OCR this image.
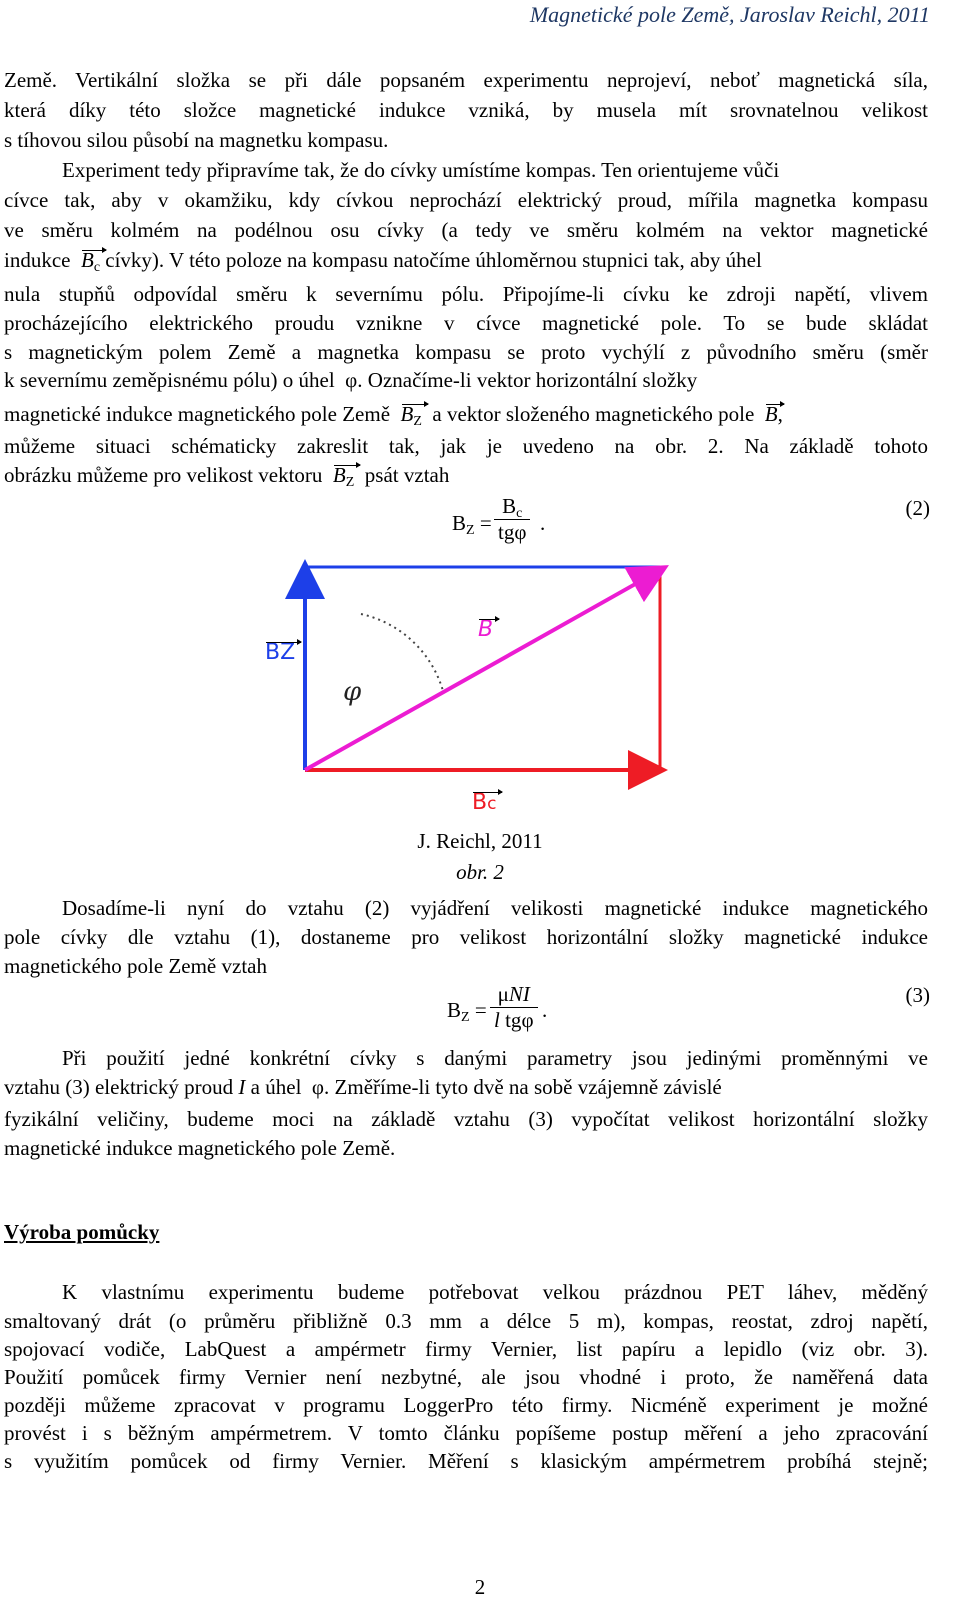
Magnetické pole Země, Jaroslav Reichl, 2011
Země. Vertikální složka se při dále popsaném experimentu neprojeví, neboť magnetická síla,
která díky této složce magnetické indukce vzniká, by musela mít srovnatelnou velikost
s tíhovou silou působí na magnetku kompasu.
Experiment tedy připravíme tak, že do cívky umístíme kompas. Ten orientujeme vůči
cívce tak, aby v okamžiku, kdy cívkou neprochází elektrický proud, mířila magnetka kompasu
ve směru kolmém na podélnou osu cívky (a tedy ve směru kolmém na vektor magnetické
indukce Bc cívky). V této poloze na kompasu natočíme úhloměrnou stupnici tak, aby úhel
nula stupňů odpovídal směru k severnímu pólu. Připojíme-li cívku ke zdroji napětí, vlivem
procházejícího elektrického proudu vznikne v cívce magnetické pole. To se bude skládat
s magnetickým polem Země a magnetka kompasu se proto vychýlí z původního směru (směr
k severnímu zeměpisnému pólu) o úhel φ. Označíme-li vektor horizontální složky
magnetické indukce magnetického pole Země BZ a vektor složeného magnetického pole B,
můžeme situaci schématicky zakreslit tak, jak je uvedeno na obr. 2. Na základě tohoto
obrázku můžeme pro velikost vektoru BZ psát vztah
BZ =
Bc
tgφ .
(2)
BZ
B
Bc
φ
J. Reichl, 2011
obr. 2
Dosadíme-li nyní do vztahu (2) vyjádření velikosti magnetické indukce magnetického
pole cívky dle vztahu (1), dostaneme pro velikost horizontální složky magnetické indukce
magnetického pole Země vztah
BZ =
μNI
l tgφ .
(3)
Při použití jedné konkrétní cívky s danými parametry jsou jedinými proměnnými ve
vztahu (3) elektrický proud I a úhel φ. Změříme-li tyto dvě na sobě vzájemně závislé
fyzikální veličiny, budeme moci na základě vztahu (3) vypočítat velikost horizontální složky
magnetické indukce magnetického pole Země.
Výroba pomůcky
K vlastnímu experimentu budeme potřebovat velkou prázdnou PET láhev, měděný
smaltovaný drát (o průměru přibližně 0.3 mm a délce 5 m), kompas, reostat, zdroj napětí,
spojovací vodiče, LabQuest a ampérmetr firmy Vernier, list papíru a lepidlo (viz obr. 3).
Použití pomůcek firmy Vernier není nezbytné, ale jsou vhodné i proto, že naměřená data
později můžeme zpracovat v programu LoggerPro této firmy. Nicméně experiment je možné
provést i s běžným ampérmetrem. V tomto článku popíšeme postup měření a jeho zpracování
s využitím pomůcek od firmy Vernier. Měření s klasickým ampérmetrem probíhá stejně;
2
